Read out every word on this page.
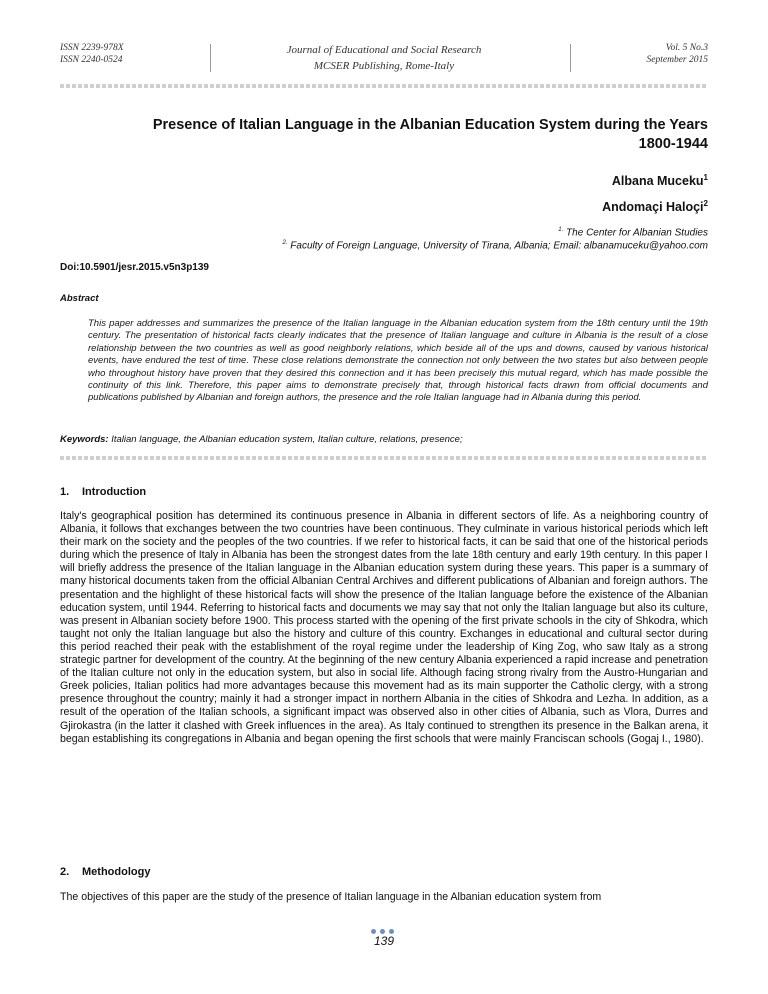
ISSN 2239-978X
ISSN 2240-0524
Journal of Educational and Social Research
MCSER Publishing, Rome-Italy
Vol. 5 No.3
September 2015
Presence of Italian Language in the Albanian Education System during the Years 1800-1944
Albana Muceku$^1$
Andomaçi Haloçi$^2$
$^{1.}$ The Center for Albanian Studies
$^{2.}$ Faculty of Foreign Language, University of Tirana, Albania; Email: albanamuceku@yahoo.com
Doi:10.5901/jesr.2015.v5n3p139
Abstract
This paper addresses and summarizes the presence of the Italian language in the Albanian education system from the 18th century until the 19th century. The presentation of historical facts clearly indicates that the presence of Italian language and culture in Albania is the result of a close relationship between the two countries as well as good neighborly relations, which beside all of the ups and downs, caused by various historical events, have endured the test of time. These close relations demonstrate the connection not only between the two states but also between people who throughout history have proven that they desired this connection and it has been precisely this mutual regard, which has made possible the continuity of this link. Therefore, this paper aims to demonstrate precisely that, through historical facts drawn from official documents and publications published by Albanian and foreign authors, the presence and the role Italian language had in Albania during this period.
Keywords: Italian language, the Albanian education system, Italian culture, relations, presence;
1. Introduction
Italy's geographical position has determined its continuous presence in Albania in different sectors of life. As a neighboring country of Albania, it follows that exchanges between the two countries have been continuous. They culminate in various historical periods which left their mark on the society and the peoples of the two countries. If we refer to historical facts, it can be said that one of the historical periods during which the presence of Italy in Albania has been the strongest dates from the late 18th century and early 19th century. In this paper I will briefly address the presence of the Italian language in the Albanian education system during these years. This paper is a summary of many historical documents taken from the official Albanian Central Archives and different publications of Albanian and foreign authors. The presentation and the highlight of these historical facts will show the presence of the Italian language before the existence of the Albanian education system, until 1944. Referring to historical facts and documents we may say that not only the Italian language but also its culture, was present in Albanian society before 1900. This process started with the opening of the first private schools in the city of Shkodra, which taught not only the Italian language but also the history and culture of this country. Exchanges in educational and cultural sector during this period reached their peak with the establishment of the royal regime under the leadership of King Zog, who saw Italy as a strong strategic partner for development of the country. At the beginning of the new century Albania experienced a rapid increase and penetration of the Italian culture not only in the education system, but also in social life. Although facing strong rivalry from the Austro-Hungarian and Greek policies, Italian politics had more advantages because this movement had as its main supporter the Catholic clergy, with a strong presence throughout the country; mainly it had a stronger impact in northern Albania in the cities of Shkodra and Lezha. In addition, as a result of the operation of the Italian schools, a significant impact was observed also in other cities of Albania, such as Vlora, Durres and Gjirokastra (in the latter it clashed with Greek influences in the area). As Italy continued to strengthen its presence in the Balkan arena, it began establishing its congregations in Albania and began opening the first schools that were mainly Franciscan schools (Gogaj I., 1980).
2. Methodology
The objectives of this paper are the study of the presence of Italian language in the Albanian education system from
139
